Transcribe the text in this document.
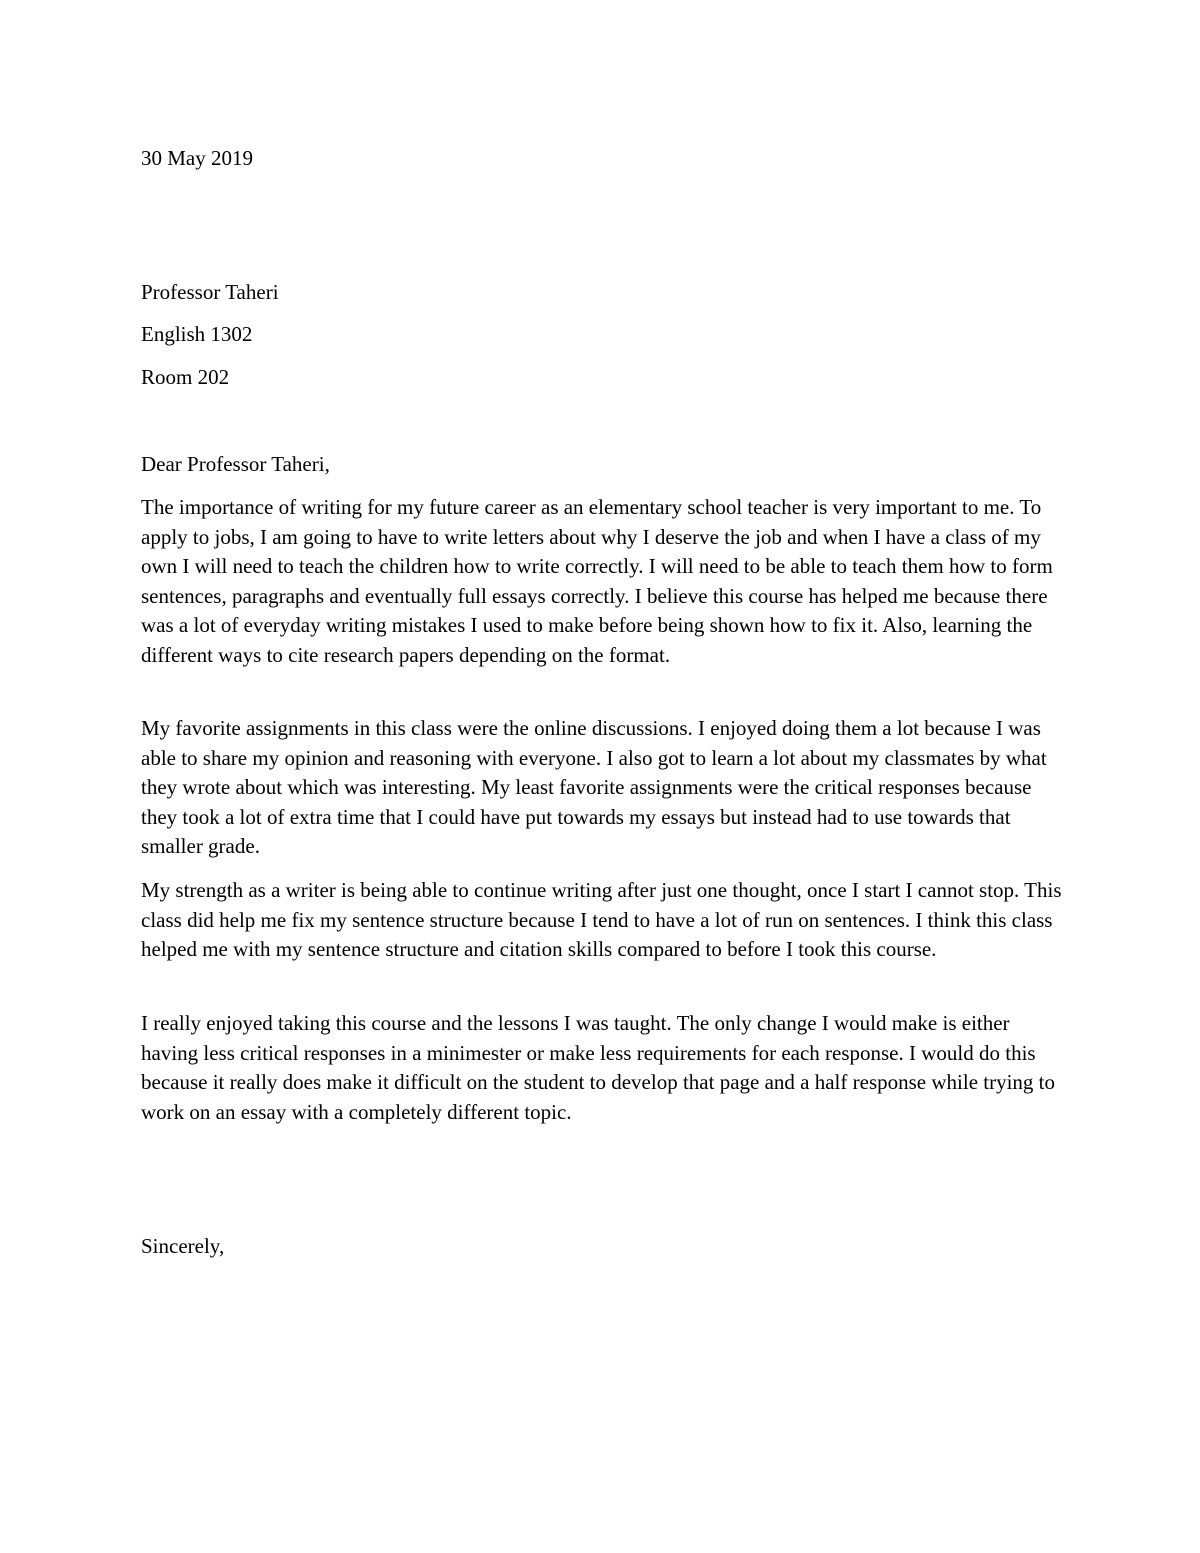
30 May 2019
Professor Taheri
English 1302
Room 202
Dear Professor Taheri,

The importance of writing for my future career as an elementary school teacher is very important to me. To apply to jobs, I am going to have to write letters about why I deserve the job and when I have a class of my own I will need to teach the children how to write correctly. I will need to be able to teach them how to form sentences, paragraphs and eventually full essays correctly. I believe this course has helped me because there was a lot of everyday writing mistakes I used to make before being shown how to fix it. Also, learning the different ways to cite research papers depending on the format.

My favorite assignments in this class were the online discussions. I enjoyed doing them a lot because I was able to share my opinion and reasoning with everyone. I also got to learn a lot about my classmates by what they wrote about which was interesting. My least favorite assignments were the critical responses because they took a lot of extra time that I could have put towards my essays but instead had to use towards that smaller grade.

My strength as a writer is being able to continue writing after just one thought, once I start I cannot stop. This class did help me fix my sentence structure because I tend to have a lot of run on sentences. I think this class helped me with my sentence structure and citation skills compared to before I took this course.

I really enjoyed taking this course and the lessons I was taught. The only change I would make is either having less critical responses in a minimester or make less requirements for each response. I would do this because it really does make it difficult on the student to develop that page and a half response while trying to work on an essay with a completely different topic.

Sincerely,
